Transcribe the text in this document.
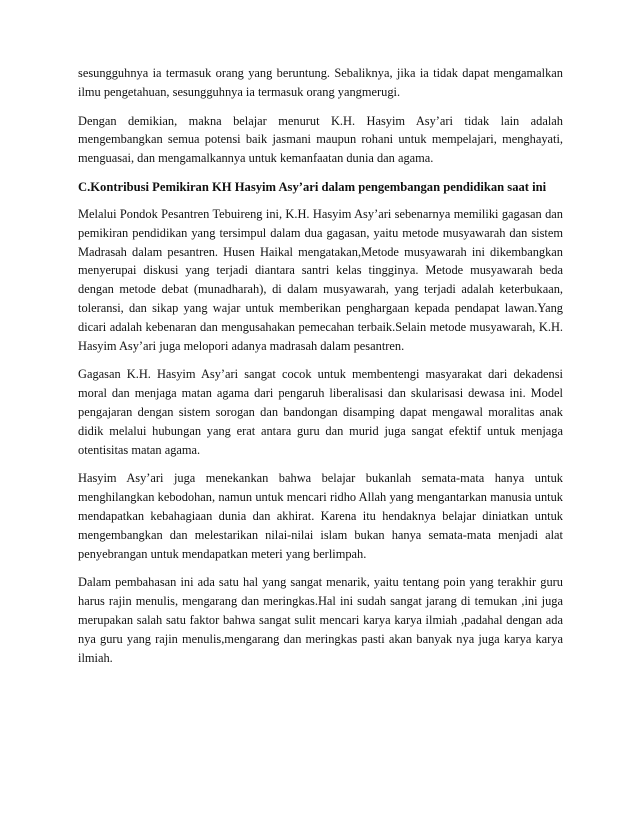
sesungguhnya ia termasuk orang yang beruntung. Sebaliknya, jika ia tidak dapat mengamalkan ilmu pengetahuan, sesungguhnya ia termasuk orang yangmerugi.

Dengan demikian, makna belajar menurut K.H. Hasyim Asy’ari tidak lain adalah mengembangkan semua potensi baik jasmani maupun rohani untuk mempelajari, menghayati, menguasai, dan mengamalkannya untuk kemanfaatan dunia dan agama.

C.Kontribusi Pemikiran KH Hasyim Asy’ari dalam pengembangan pendidikan saat ini

Melalui Pondok Pesantren Tebuireng ini, K.H. Hasyim Asy’ari sebenarnya memiliki gagasan dan pemikiran pendidikan yang tersimpul dalam dua gagasan, yaitu metode musyawarah dan sistem Madrasah dalam pesantren. Husen Haikal mengatakan,Metode musyawarah ini dikembangkan menyerupai diskusi yang terjadi diantara santri kelas tingginya. Metode musyawarah beda dengan metode debat (munadharah), di dalam musyawarah, yang terjadi adalah keterbukaan, toleransi, dan sikap yang wajar untuk memberikan penghargaan kepada pendapat lawan.Yang dicari adalah kebenaran dan mengusahakan pemecahan terbaik.Selain metode musyawarah, K.H. Hasyim Asy’ari juga melopori adanya madrasah dalam pesantren.

Gagasan K.H. Hasyim Asy’ari sangat cocok untuk membentengi masyarakat dari dekadensi moral dan menjaga matan agama dari pengaruh liberalisasi dan skularisasi dewasa ini. Model pengajaran dengan sistem sorogan dan bandongan disamping dapat mengawal moralitas anak didik melalui hubungan yang erat antara guru dan murid juga sangat efektif untuk menjaga otentisitas matan agama.

Hasyim Asy’ari juga menekankan bahwa belajar bukanlah semata-mata hanya untuk menghilangkan kebodohan, namun untuk mencari ridho Allah yang mengantarkan manusia untuk mendapatkan kebahagiaan dunia dan akhirat. Karena itu hendaknya belajar diniatkan untuk mengembangkan dan melestarikan nilai-nilai islam bukan hanya semata-mata menjadi alat penyebrangan untuk mendapatkan meteri yang berlimpah.

Dalam pembahasan ini ada satu hal yang sangat menarik, yaitu tentang poin yang terakhir guru harus rajin menulis, mengarang dan meringkas.Hal ini sudah sangat jarang di temukan ,ini juga merupakan salah satu faktor bahwa sangat sulit mencari karya karya ilmiah ,padahal dengan ada nya guru yang rajin menulis,mengarang dan meringkas pasti akan banyak nya juga karya karya ilmiah.
